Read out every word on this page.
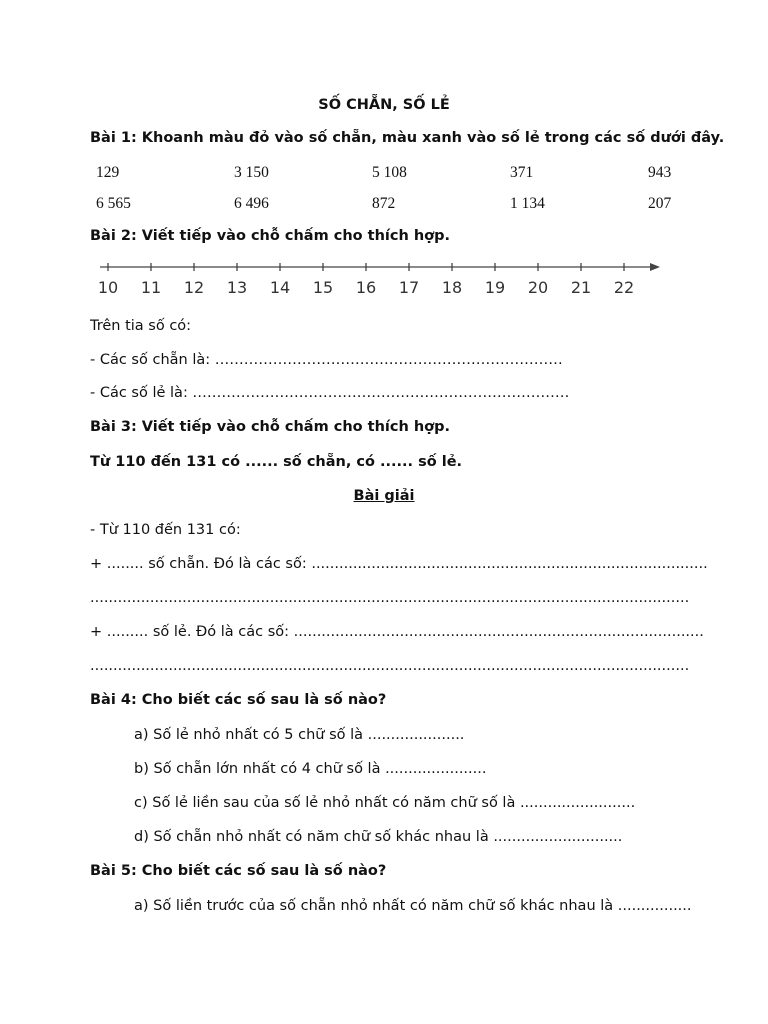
SỐ CHẴN, SỐ LẺ
Bài 1: Khoanh màu đỏ vào số chẵn, màu xanh vào số lẻ trong các số dưới đây.
129	3 150	5 108	371	943
6 565	6 496	872	1 134	207
Bài 2: Viết tiếp vào chỗ chấm cho thích hợp.
10 11 12 13 14 15 16 17 18 19 20 21 22
Trên tia số có:
- Các số chẵn là: ………………………………………………………………
- Các số lẻ là: ……………………………………………………………………
Bài 3: Viết tiếp vào chỗ chấm cho thích hợp.
Từ 110 đến 131 có ...... số chẵn, có ...... số lẻ.
Bài giải
- Từ 110 đến 131 có:
+ ........ số chẵn. Đó là các số: ......................................................................................
..................................................................................................................................
+ ......... số lẻ. Đó là các số: .........................................................................................
..................................................................................................................................
Bài 4: Cho biết các số sau là số nào?
a) Số lẻ nhỏ nhất có 5 chữ số là .....................
b) Số chẵn lớn nhất có 4 chữ số là ......................
c) Số lẻ liền sau của số lẻ nhỏ nhất có năm chữ số là .........................
d) Số chẵn nhỏ nhất có năm chữ số khác nhau là ............................
Bài 5: Cho biết các số sau là số nào?
a) Số liền trước của số chẵn nhỏ nhất có năm chữ số khác nhau là ................
